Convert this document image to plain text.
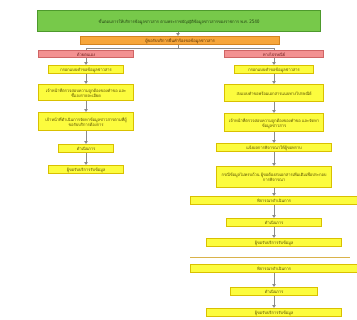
ขั้นตอนการให้บริการข้อมูลข่าวสาร ตามพระราชบัญญัติข้อมูลข่าวสารของราชการ พ.ศ. 2540
ผู้ขอรับบริการยื่นคำร้องขอข้อมูลข่าวสาร
ด้วยตนเอง
กรอกแบบคำขอข้อมูลข่าวสาร
เจ้าหน้าที่ตรวจสอบความถูกต้องของคำขอ และชี้แจงรายละเอียด
เจ้าหน้าที่ดำเนินการจัดหาข้อมูลข่าวสารตามที่ผู้ขอรับบริการต้องการ
ดำเนินการ
ผู้ขอรับบริการรับข้อมูล
ทางไปรษณีย์
กรอกแบบคำขอข้อมูลข่าวสาร
ส่งแบบคำขอพร้อมเอกสารแนบทางไปรษณีย์
เจ้าหน้าที่ตรวจสอบความถูกต้องของคำขอ และจัดหาข้อมูลข่าวสาร
แจ้งผลการพิจารณาให้ผู้ขอทราบ
กรณีข้อมูลไม่ครบถ้วน ผู้ขอต้องส่งเอกสารเพิ่มเติมเพื่อประกอบการพิจารณา
พิจารณาดำเนินการ
ดำเนินการ
ผู้ขอรับบริการรับข้อมูล
พิจารณาดำเนินการ
ดำเนินการ
ผู้ขอรับบริการรับข้อมูล
